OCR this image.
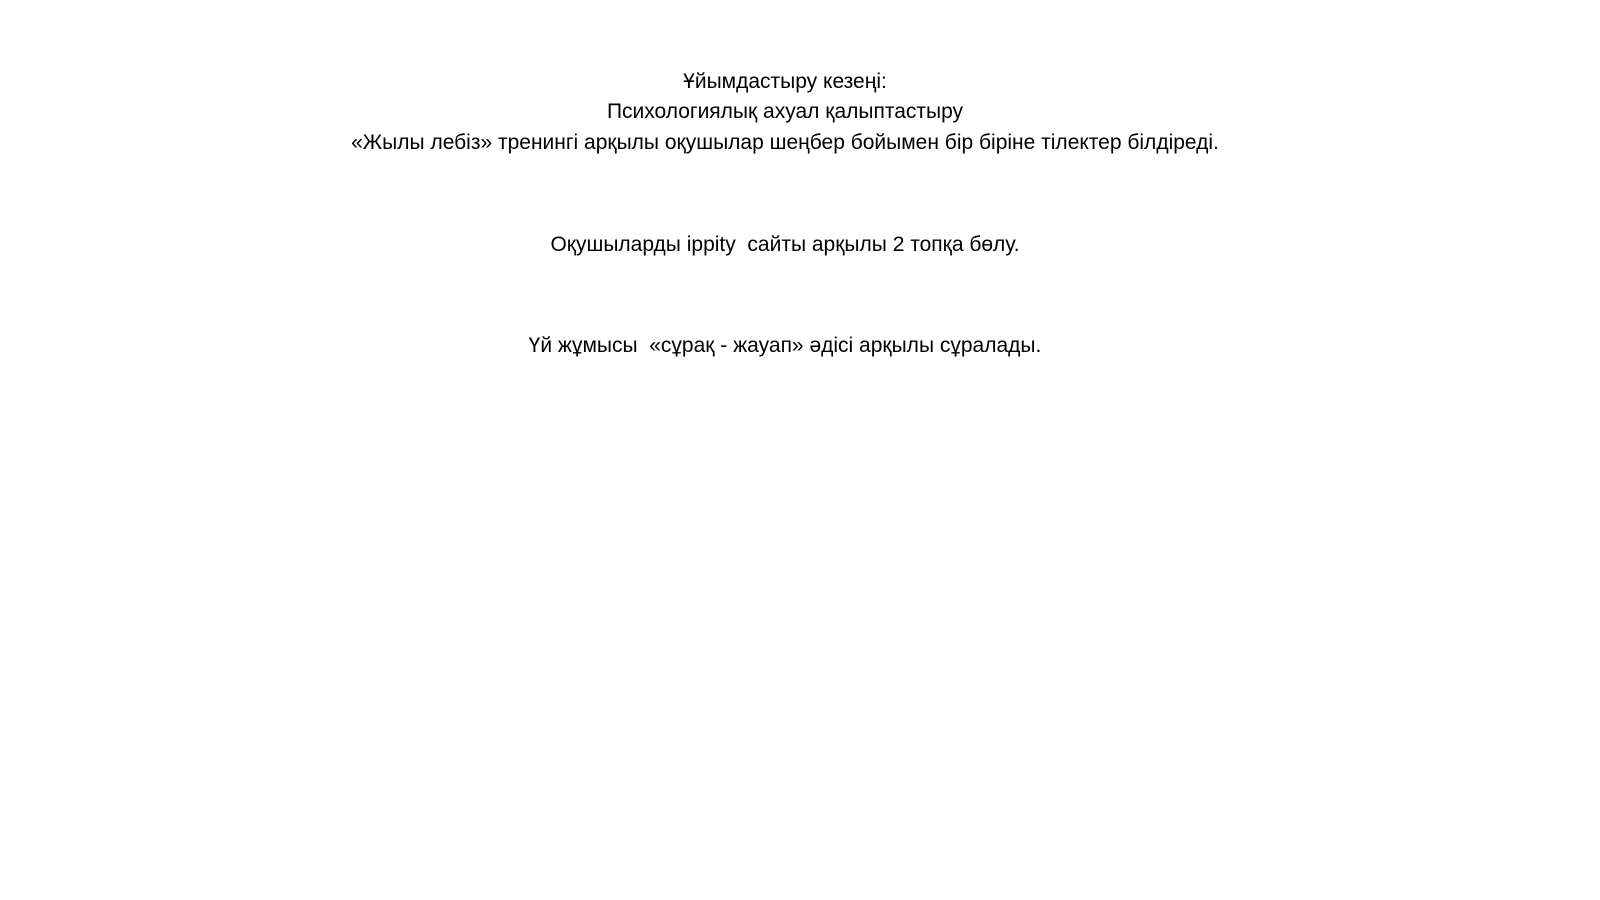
Ұйымдастыру кезеңі:
Психологиялық ахуал қалыптастыру
«Жылы лебіз» тренингі арқылы оқушылар шеңбер бойымен бір біріне тілектер білдіреді.
Оқушыларды ippity  сайты арқылы 2 топқа бөлу.
Үй жұмысы  «сұрақ - жауап» әдісі арқылы сұралады.
